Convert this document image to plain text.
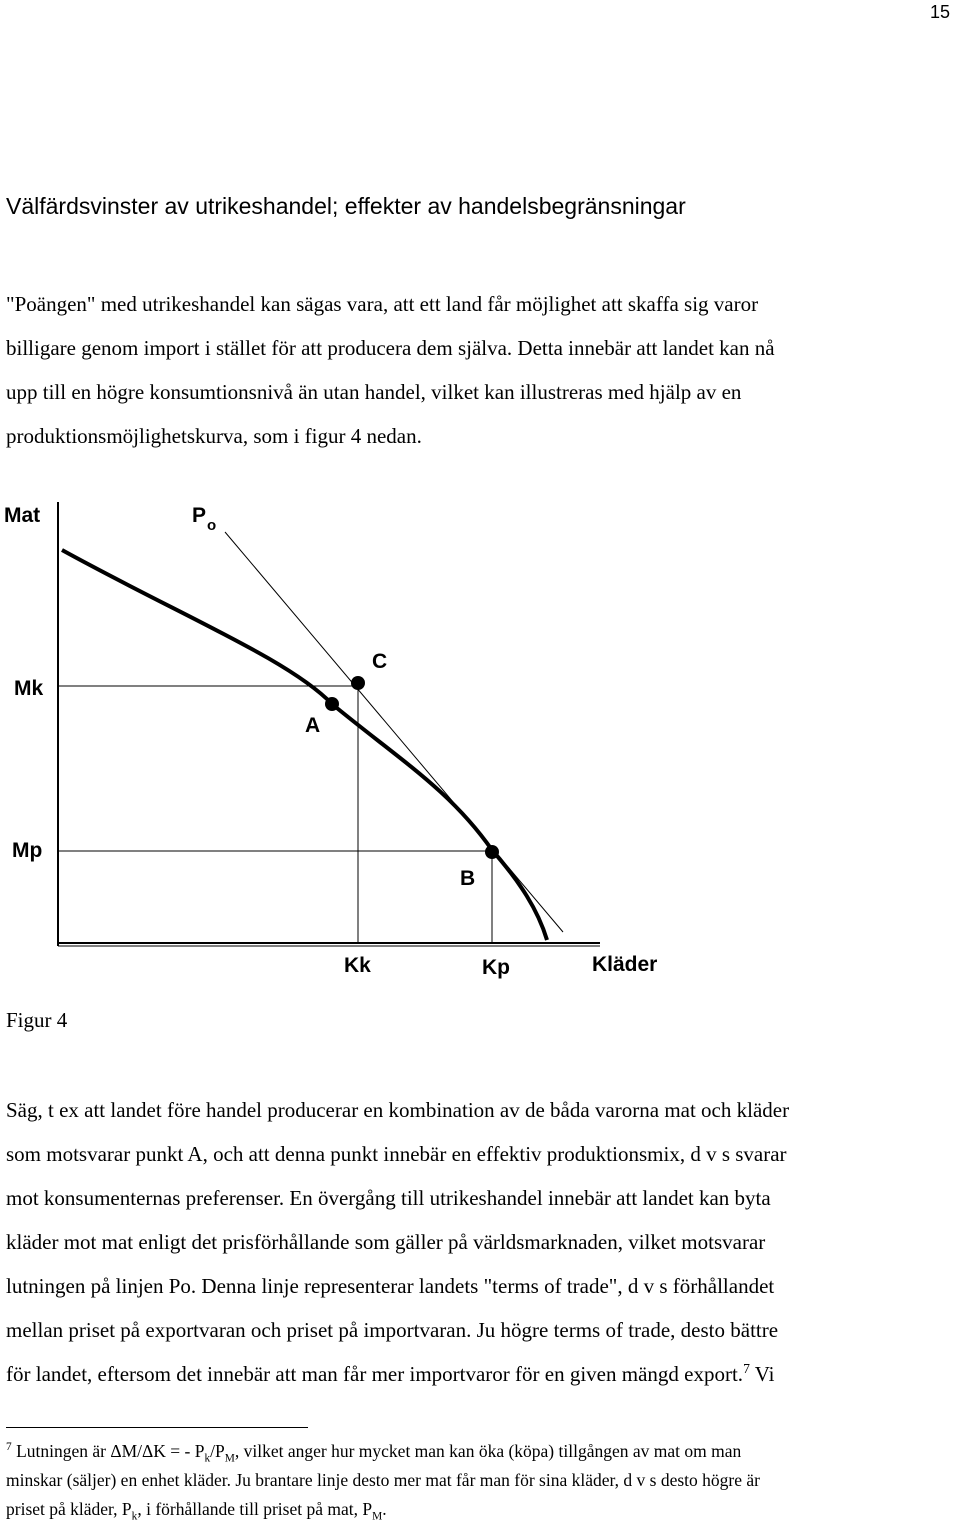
15
Välfärdsvinster av utrikeshandel; effekter av handelsbegränsningar
"Poängen" med utrikeshandel kan sägas vara, att ett land får möjlighet att skaffa sig varor
billigare genom import i stället för att producera dem själva. Detta innebär att landet kan nå
upp till en högre konsumtionsnivå än utan handel, vilket kan illustreras med hjälp av en
produktionsmöjlighetskurva, som i figur 4 nedan.
Mat	P o
Mk
Mp
A
C
B
Kk	Kp	Kläder
Figur 4
Säg, t ex att landet före handel producerar en kombination av de båda varorna mat och kläder
som motsvarar punkt A, och att denna punkt innebär en effektiv produktionsmix, d v s svarar
mot konsumenternas preferenser. En övergång till utrikeshandel innebär att landet kan byta
kläder mot mat enligt det prisförhållande som gäller på världsmarknaden, vilket motsvarar
lutningen på linjen Po. Denna linje representerar landets "terms of trade", d v s förhållandet
mellan priset på exportvaran och priset på importvaran. Ju högre terms of trade, desto bättre
för landet, eftersom det innebär att man får mer importvaror för en given mängd export.$^7$ Vi
$^7$ Lutningen är ΔM/ΔK = - $P_k/P_M$, vilket anger hur mycket man kan öka (köpa) tillgången av mat om man
minskar (säljer) en enhet kläder. Ju brantare linje desto mer mat får man för sina kläder, d v s desto högre är
priset på kläder, $P_k$, i förhållande till priset på mat, $P_M$.
